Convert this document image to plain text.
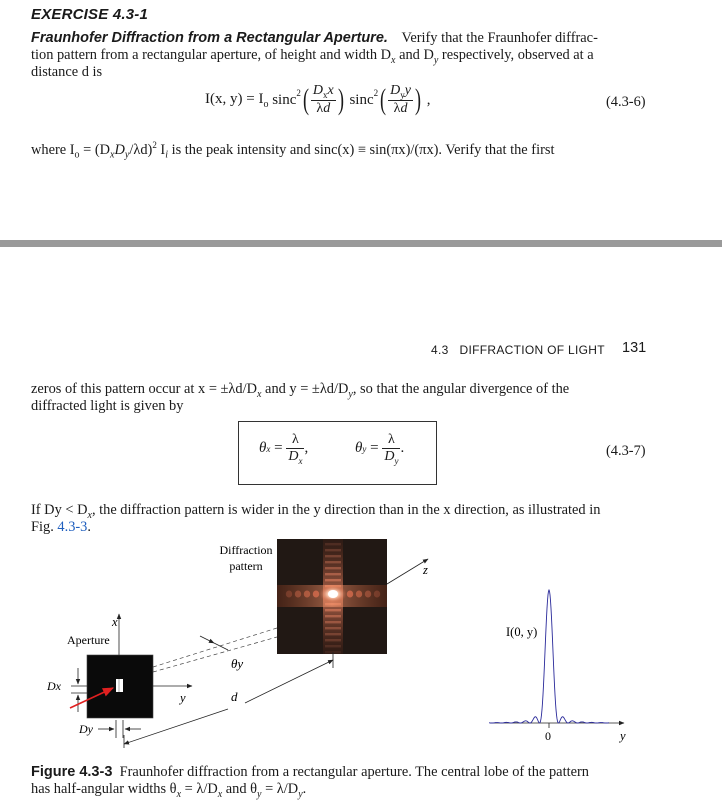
EXERCISE 4.3-1
Fraunhofer Diffraction from a Rectangular Aperture. Verify that the Fraunhofer diffrac-
tion pattern from a rectangular aperture, of height and width $D_x$ and $D_y$ respectively, observed at a
distance d is
I(x, $y) = I_o$ sinc$^2$ ( $\frac{D_xx}{\lambda d}$ )
sinc$^2$ ( $\frac{D_yy}{\lambda d}$ ) ,	(4.3-6)
where $I_o = (D_xD_y/\lambda d)^2$ $I_i$ is the peak intensity and sinc(x) ≡ sin(πx)/(πx). Verify that the first
4.3 DIFFRACTION OF LIGHT 131
zeros of this pattern occur at $x = \pm\lambda d/D_x$ and $y = \pm\lambda d/D_y$, so that the angular divergence of the
diffracted light is given by
θ $x = \frac{\lambda}{D_x}$ ,	θ $y = \frac{\lambda}{D_y}$ .	(4.3-7)
If $Dy < D_x$, the diffraction pattern is wider in the y direction than in the x direction, as illustrated in
Fig. 4.3-3.
Diffraction
pattern	z
x
Aperture
y
Dx
Dy
θy
d
I(0, y)
0	y
Figure 4.3-3 Fraunhofer diffraction from a rectangular aperture. The central lobe of the pattern
has half-angular widths $\theta_x = \lambda/D_x$ and $\theta_y = \lambda/D_y$.
